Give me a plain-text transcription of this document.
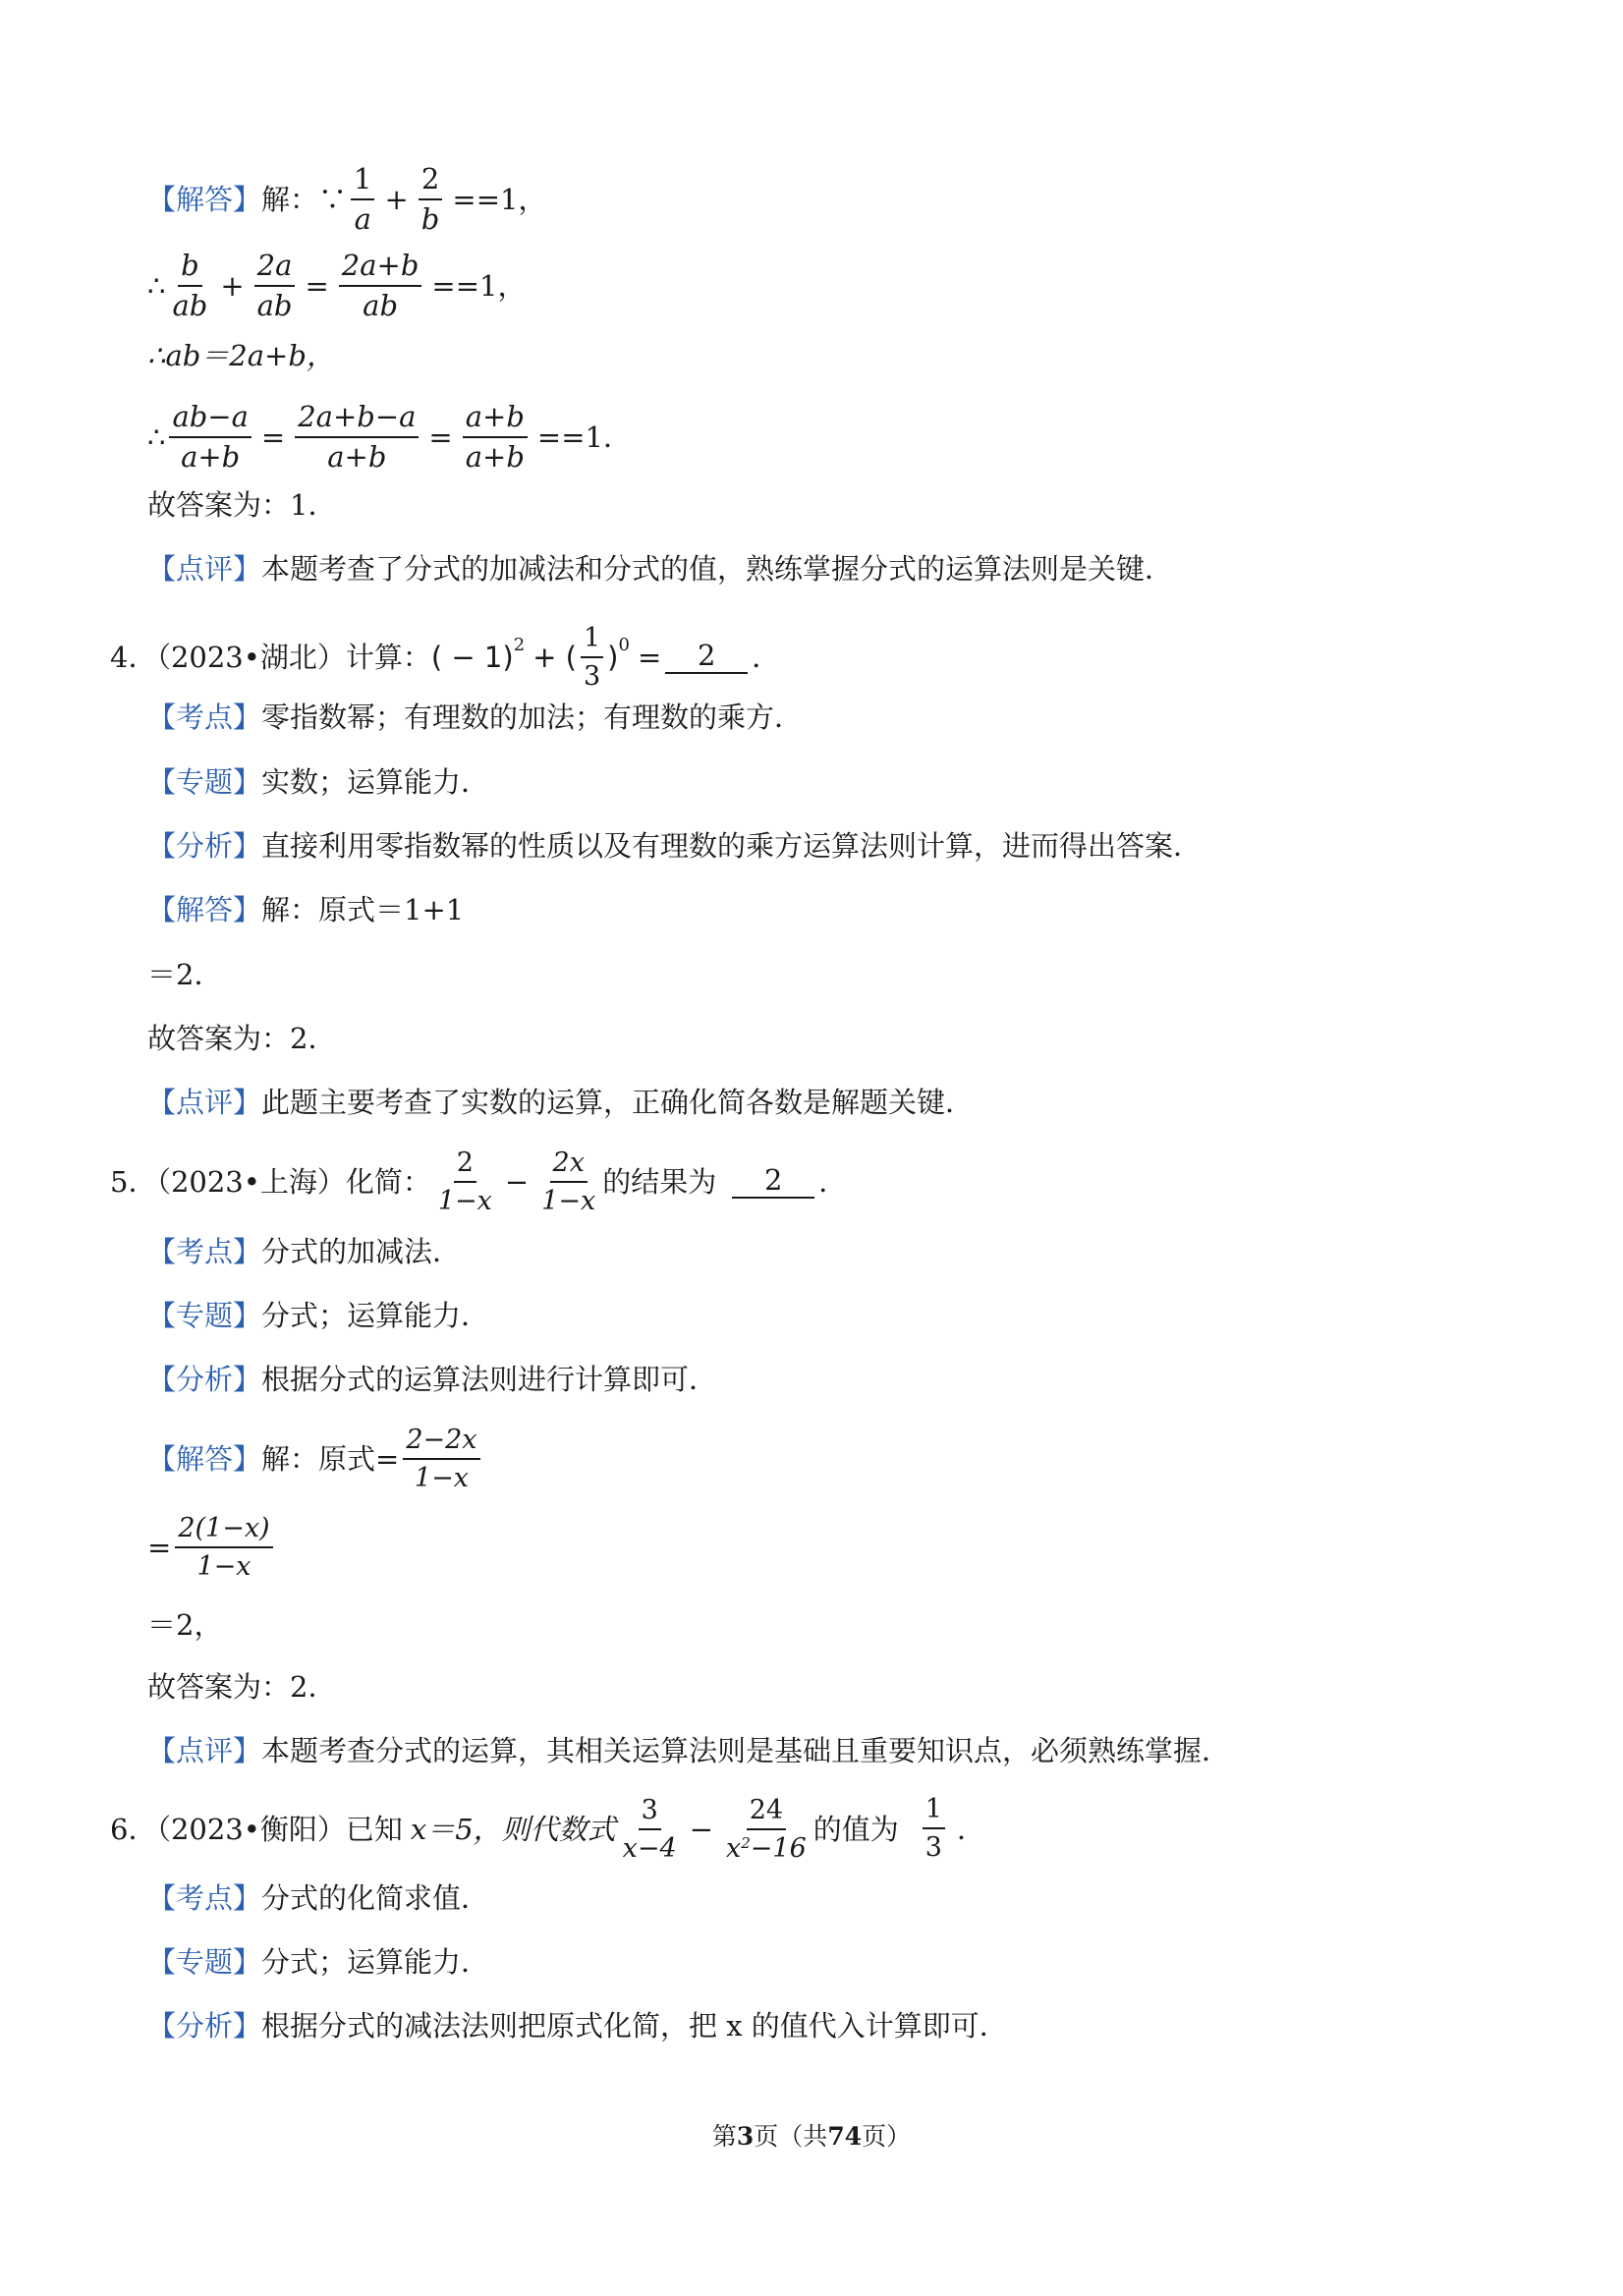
【解答】 解：∵ $\frac{1}{a} + \frac{2}{b} = =1$，
∴ $\frac{b}{ab} + \frac{2a}{ab} = \frac{2a+b}{ab} = =1$，
∴ab＝2a+b，
∴ $\frac{ab-a}{a+b} = \frac{2a+b-a}{a+b} = \frac{a+b}{a+b} = =1$．
故答案为：1．
【点评】 本题考查了分式的加减法和分式的值，熟练掌握分式的运算法则是关键．
4．（2023•湖北）计算： ( − 1)$^2$ + ( $\frac{1}{3} )^0$ =	2	．
【考点】 零指数幂；有理数的加法；有理数的乘方．
【专题】 实数；运算能力．
【分析】 直接利用零指数幂的性质以及有理数的乘方运算法则计算，进而得出答案．
【解答】 解：原式＝1+1
＝2．
故答案为：2．
【点评】 此题主要考查了实数的运算，正确化简各数是解题关键．
5．（2023•上海）化简： $\frac{2}{1-x} - \frac{2x}{1-x}$ 的结果为	2	．
【考点】 分式的加减法．
【专题】 分式；运算能力．
【分析】 根据分式的运算法则进行计算即可．
【解答】 解：原式= $\frac{2-2x}{1-x}$
= $\frac{2(1-x)}{1-x}$
＝2，
故答案为：2．
【点评】 本题考查分式的运算，其相关运算法则是基础且重要知识点，必须熟练掌握．
6．（2023•衡阳）已知 x＝5，则代数式 $\frac{3}{x-4} - \frac{24}{x^2-16}$ 的值为 $\frac{1}{3}$ ．
【考点】 分式的化简求值．
【专题】 分式；运算能力．
【分析】 根据分式的减法法则把原式化简，把 x 的值代入计算即可．
第3页（共74页）
